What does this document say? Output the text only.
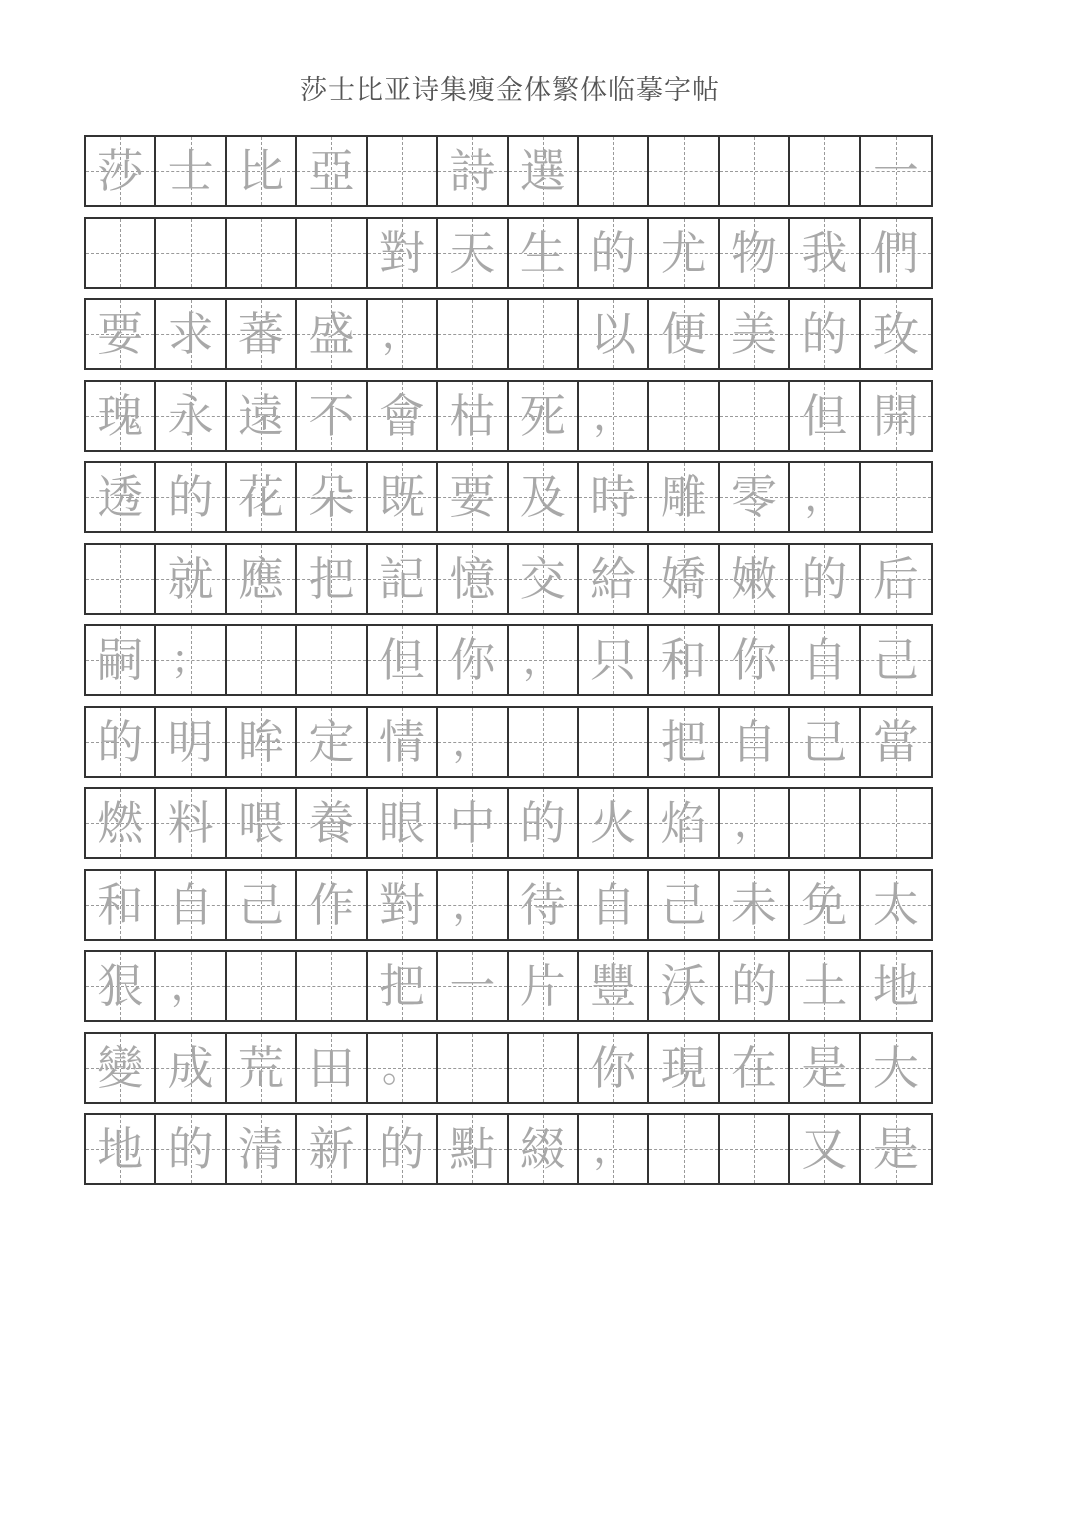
莎士比亚诗集瘦金体繁体临摹字帖
莎 士 比 亞 詩 選	一
對 天 生 的 尤 物 我 們
要 求 蕃 盛 ，	以 便 美 的 玫
瑰 永 遠 不 會 枯 死 ，	但 開
透 的 花 朵 既 要 及 時 雕 零 ，
就 應 把 記 憶 交 給 嬌 嫩 的 后
嗣 ；	但 你 ， 只 和 你 自 己
的 明 眸 定 情 ，	把 自 己 當
燃 料 喂 養 眼 中 的 火 焰 ，
和 自 己 作 對 ， 待 自 己 未 免 太
狠 ，	把 一 片 豐 沃 的 土 地
變 成 荒 田 。	你 現 在 是 大
地 的 清 新 的 點 綴 ，	又 是
